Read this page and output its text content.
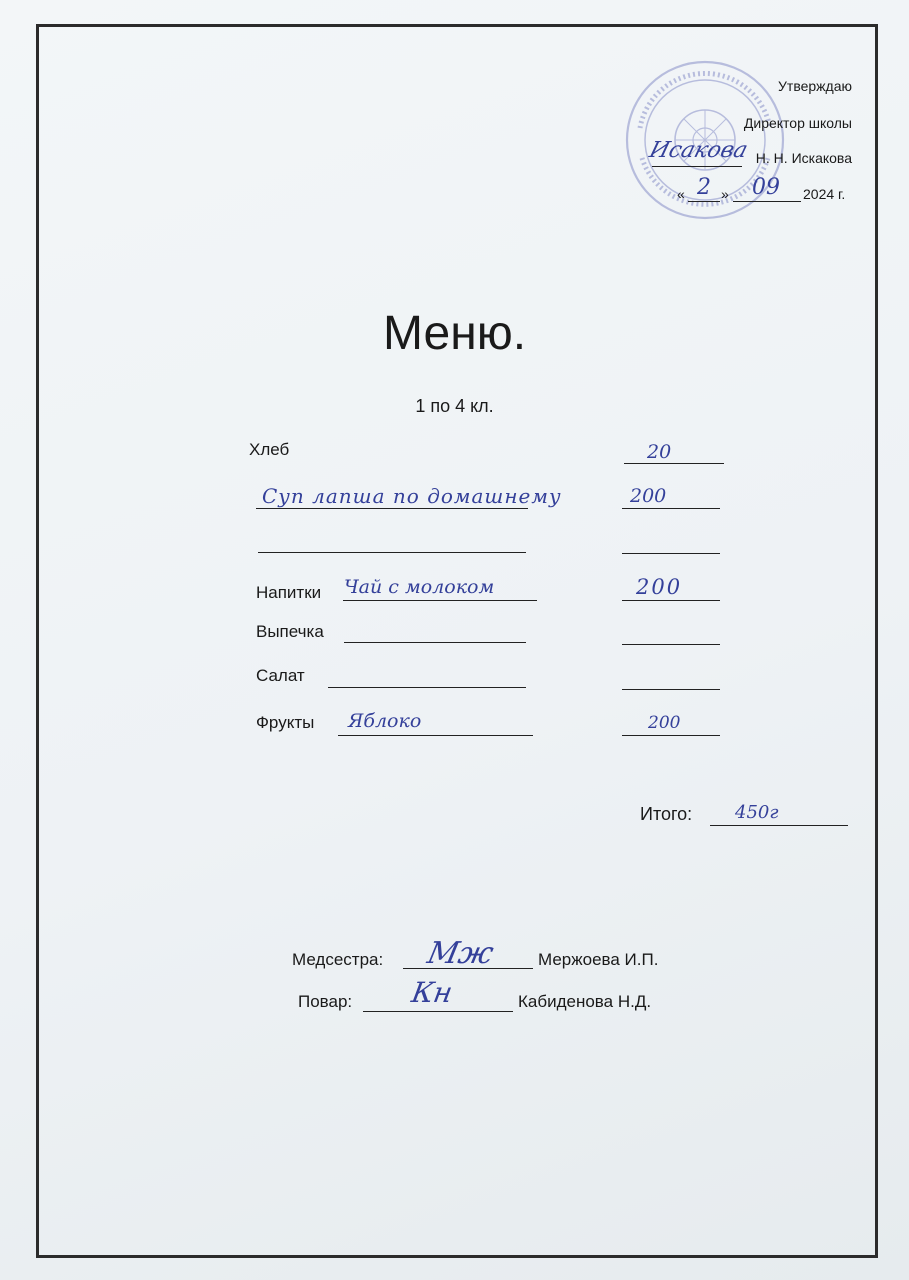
Утверждаю
Директор школы
Исакова Н. Н. Искакова
« 2 » 09 2024 г.
Меню.
1 по 4 кл.
Хлеб	20
Суп лапша по домашнему	200
Напитки Чай с молоком	200
Выпечка
Салат
Фрукты Яблоко	200
Итого: 450г
Медсестра: Мж Мержоева И.П.
Повар: Кн	Кабиденова Н.Д.
